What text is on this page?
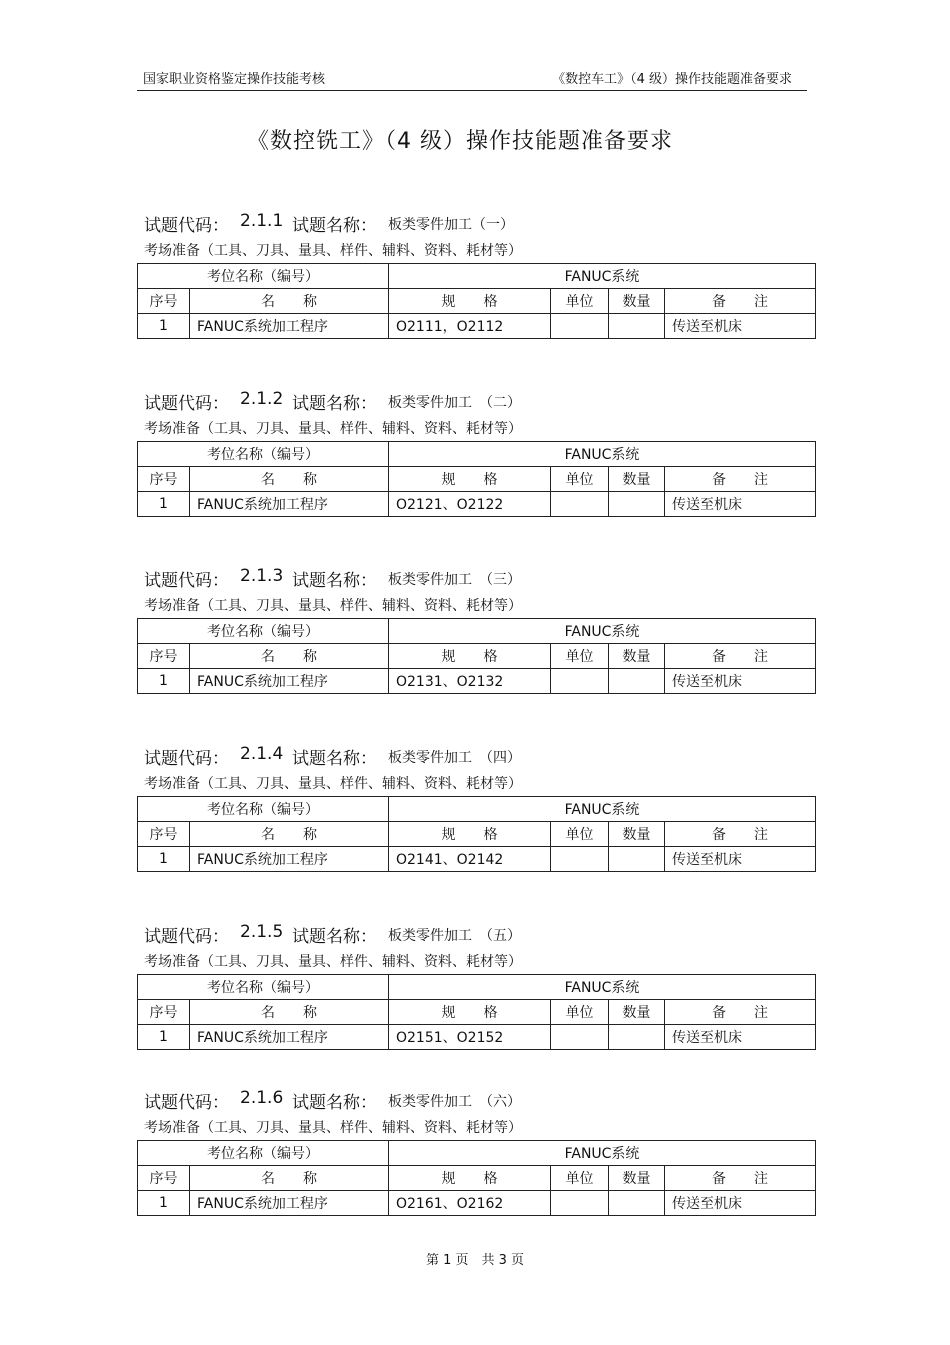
国家职业资格鉴定操作技能考核	《数控车工》（4 级）操作技能题准备要求
《数控铣工》（4 级）操作技能题准备要求
试题代码： 2.1.1 试题名称： 板类零件加工（一）
考场准备（工具、刀具、量具、样件、辅料、资料、耗材等）
考位名称（编号）		FANUC系统			
序号	名　　称	规　　格	单位	数量	备　　注
1	FANUC系统加工程序	O2111，O2112			传送至机床
试题代码： 2.1.2 试题名称： 板类零件加工　（二）
考场准备（工具、刀具、量具、样件、辅料、资料、耗材等）
考位名称（编号）		FANUC系统			
序号	名　　称	规　　格	单位	数量	备　　注
1	FANUC系统加工程序	O2121、O2122			传送至机床
试题代码： 2.1.3 试题名称： 板类零件加工　（三）
考场准备（工具、刀具、量具、样件、辅料、资料、耗材等）
考位名称（编号）		FANUC系统			
序号	名　　称	规　　格	单位	数量	备　　注
1	FANUC系统加工程序	O2131、O2132			传送至机床
试题代码： 2.1.4 试题名称： 板类零件加工　（四）
考场准备（工具、刀具、量具、样件、辅料、资料、耗材等）
考位名称（编号）		FANUC系统			
序号	名　　称	规　　格	单位	数量	备　　注
1	FANUC系统加工程序	O2141、O2142			传送至机床
试题代码： 2.1.5 试题名称： 板类零件加工　（五）
考场准备（工具、刀具、量具、样件、辅料、资料、耗材等）
考位名称（编号）		FANUC系统			
序号	名　　称	规　　格	单位	数量	备　　注
1	FANUC系统加工程序	O2151、O2152			传送至机床
试题代码： 2.1.6 试题名称： 板类零件加工　（六）
考场准备（工具、刀具、量具、样件、辅料、资料、耗材等）
考位名称（编号）		FANUC系统			
序号	名　　称	规　　格	单位	数量	备　　注
1	FANUC系统加工程序	O2161、O2162			传送至机床
第 1 页　共 3 页
